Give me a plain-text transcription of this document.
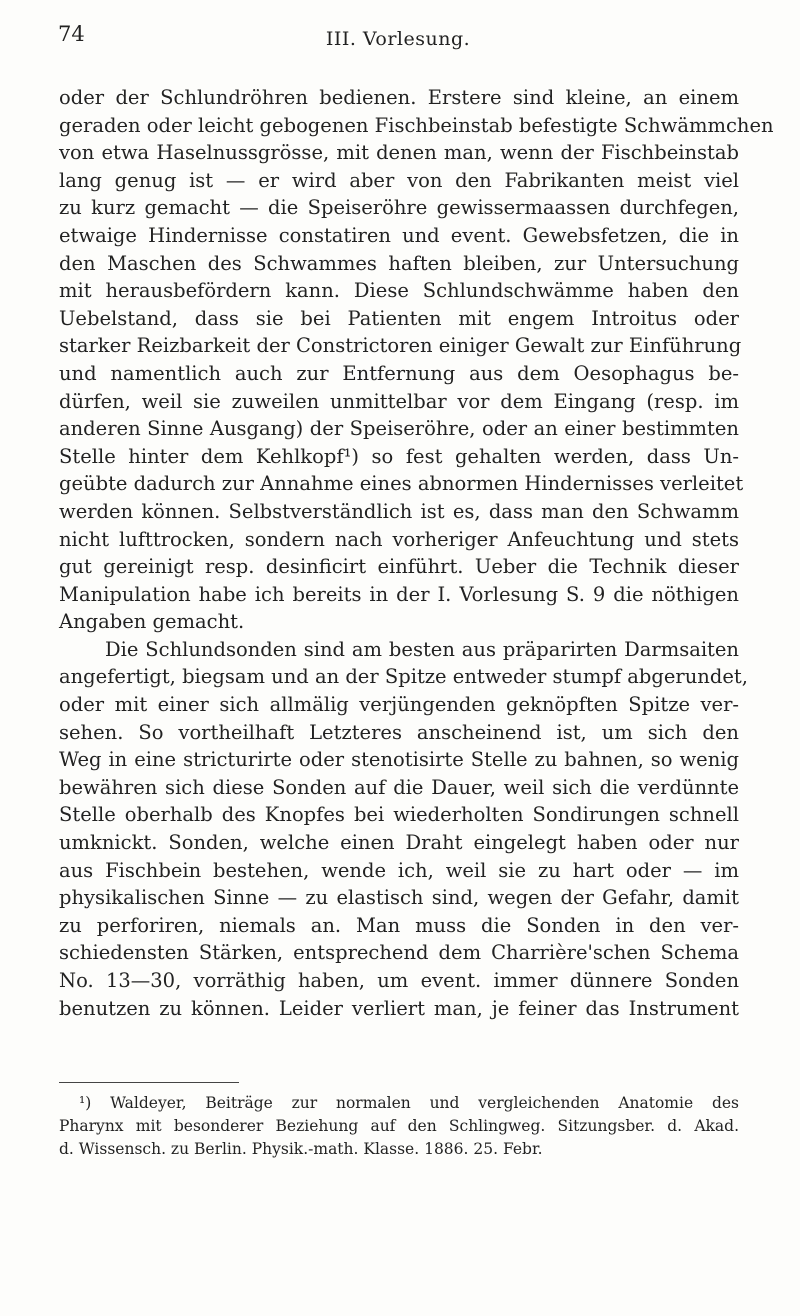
74	III. Vorlesung.
oder der Schlundröhren bedienen. Erstere sind kleine, an einem
geraden oder leicht gebogenen Fischbeinstab befestigte Schwämmchen
von etwa Haselnussgrösse, mit denen man, wenn der Fischbeinstab
lang genug ist — er wird aber von den Fabrikanten meist viel
zu kurz gemacht — die Speiseröhre gewissermaassen durchfegen,
etwaige Hindernisse constatiren und event. Gewebsfetzen, die in
den Maschen des Schwammes haften bleiben, zur Untersuchung
mit herausbefördern kann. Diese Schlundschwämme haben den
Uebelstand, dass sie bei Patienten mit engem Introitus oder
starker Reizbarkeit der Constrictoren einiger Gewalt zur Einführung
und namentlich auch zur Entfernung aus dem Oesophagus be-
dürfen, weil sie zuweilen unmittelbar vor dem Eingang (resp. im
anderen Sinne Ausgang) der Speiseröhre, oder an einer bestimmten
Stelle hinter dem Kehlkopf¹) so fest gehalten werden, dass Un-
geübte dadurch zur Annahme eines abnormen Hindernisses verleitet
werden können. Selbstverständlich ist es, dass man den Schwamm
nicht lufttrocken, sondern nach vorheriger Anfeuchtung und stets
gut gereinigt resp. desinficirt einführt. Ueber die Technik dieser
Manipulation habe ich bereits in der I. Vorlesung S. 9 die nöthigen
Angaben gemacht.
Die Schlundsonden sind am besten aus präparirten Darmsaiten
angefertigt, biegsam und an der Spitze entweder stumpf abgerundet,
oder mit einer sich allmälig verjüngenden geknöpften Spitze ver-
sehen. So vortheilhaft Letzteres anscheinend ist, um sich den
Weg in eine stricturirte oder stenotisirte Stelle zu bahnen, so wenig
bewähren sich diese Sonden auf die Dauer, weil sich die verdünnte
Stelle oberhalb des Knopfes bei wiederholten Sondirungen schnell
umknickt. Sonden, welche einen Draht eingelegt haben oder nur
aus Fischbein bestehen, wende ich, weil sie zu hart oder — im
physikalischen Sinne — zu elastisch sind, wegen der Gefahr, damit
zu perforiren, niemals an. Man muss die Sonden in den ver-
schiedensten Stärken, entsprechend dem Charrière'schen Schema
No. 13—30, vorräthig haben, um event. immer dünnere Sonden
benutzen zu können. Leider verliert man, je feiner das Instrument
¹) Waldeyer, Beiträge zur normalen und vergleichenden Anatomie des
Pharynx mit besonderer Beziehung auf den Schlingweg. Sitzungsber. d. Akad.
d. Wissensch. zu Berlin. Physik.-math. Klasse. 1886. 25. Febr.
